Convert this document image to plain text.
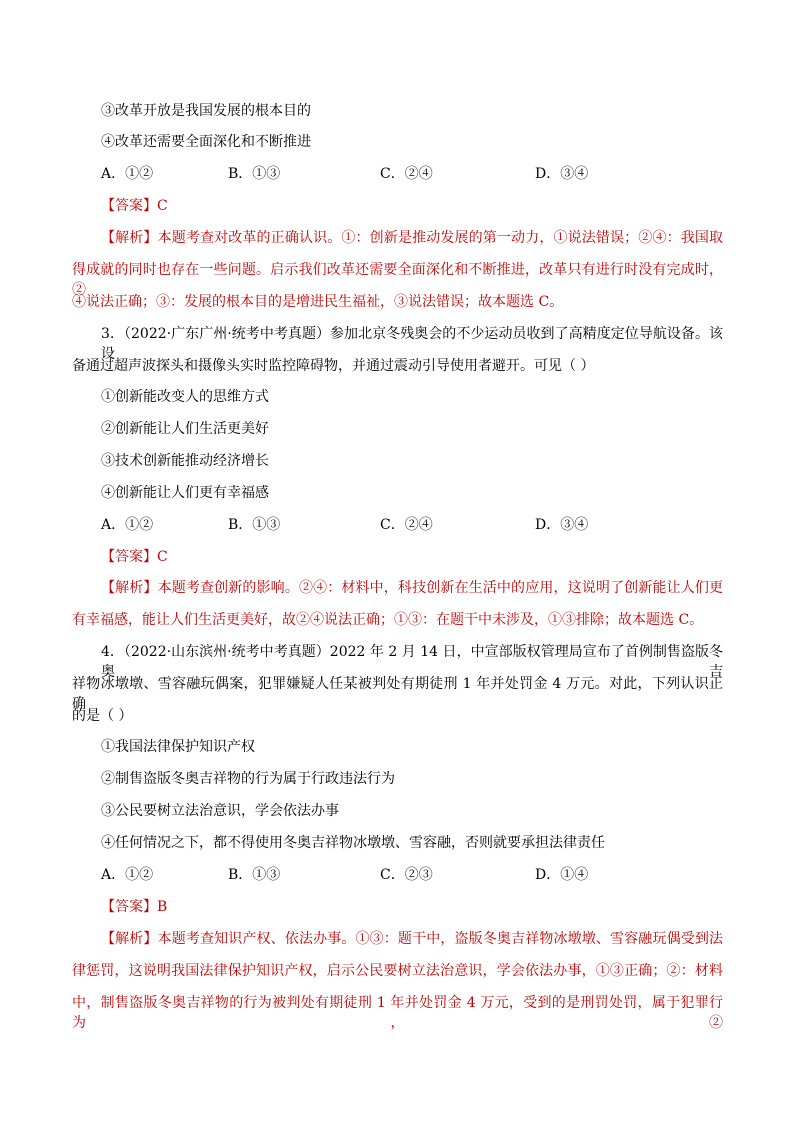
③改革开放是我国发展的根本目的
④改革还需要全面深化和不断推进
A．①②	B．①③	C．②④	D．③④
【答案】C
【解析】本题考查对改革的正确认识。①：创新是推动发展的第一动力，①说法错误；②④：我国取
得成就的同时也存在一些问题。启示我们改革还需要全面深化和不断推进，改革只有进行时没有完成时，②
④说法正确；③：发展的根本目的是增进民生福祉，③说法错误；故本题选 C。
3．（2022·广东广州·统考中考真题）参加北京冬残奥会的不少运动员收到了高精度定位导航设备。该设
备通过超声波探头和摄像头实时监控障碍物，并通过震动引导使用者避开。可见（ ）
①创新能改变人的思维方式
②创新能让人们生活更美好
③技术创新能推动经济增长
④创新能让人们更有幸福感
A．①②	B．①③	C．②④	D．③④
【答案】C
【解析】本题考查创新的影响。②④：材料中，科技创新在生活中的应用，这说明了创新能让人们更
有幸福感，能让人们生活更美好，故②④说法正确；①③：在题干中未涉及，①③排除；故本题选 C。
4．（2022·山东滨州·统考中考真题）2022 年 2 月 14 日，中宣部版权管理局宣布了首例制售盗版冬奥吉
祥物冰墩墩、雪容融玩偶案，犯罪嫌疑人任某被判处有期徒刑 1 年并处罚金 4 万元。对此，下列认识正确
的是（ ）
①我国法律保护知识产权
②制售盗版冬奥吉祥物的行为属于行政违法行为
③公民要树立法治意识，学会依法办事
④任何情况之下，都不得使用冬奥吉祥物冰墩墩、雪容融，否则就要承担法律责任
A．①②	B．①③	C．②③	D．①④
【答案】B
【解析】本题考查知识产权、依法办事。①③：题干中，盗版冬奥吉祥物冰墩墩、雪容融玩偶受到法
律惩罚，这说明我国法律保护知识产权，启示公民要树立法治意识，学会依法办事，①③正确；②：材料
中，制售盗版冬奥吉祥物的行为被判处有期徒刑 1 年并处罚金 4 万元，受到的是刑罚处罚，属于犯罪行为，②
